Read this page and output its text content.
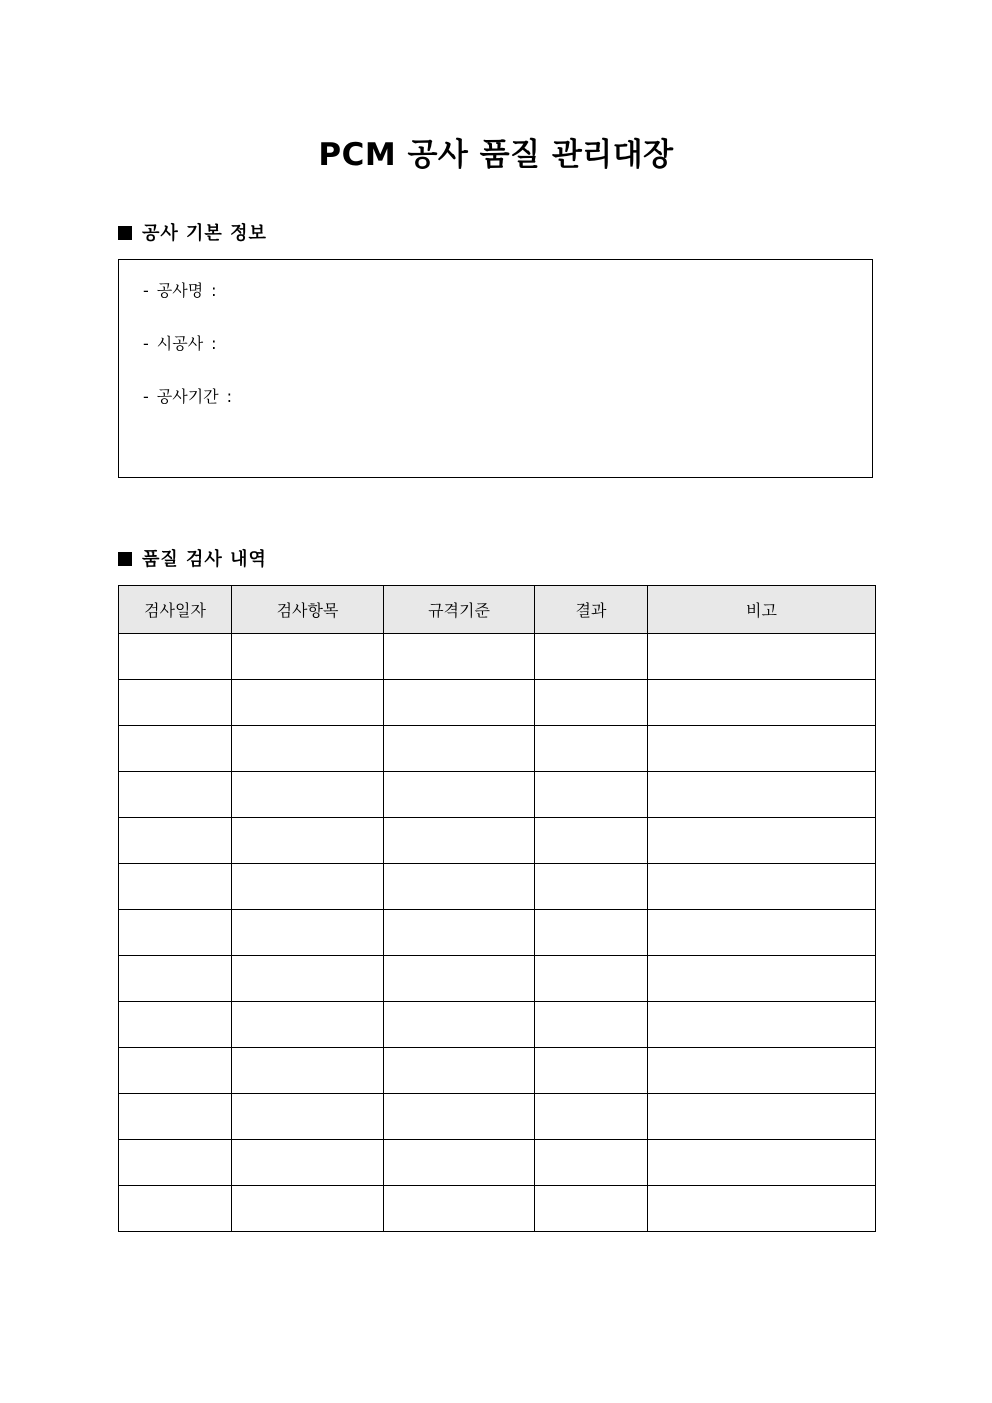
PCM 공사 품질 관리대장
공사 기본 정보
- 공사명 :
- 시공사 :
- 공사기간 :
품질 검사 내역
검사일자	검사항목	규격기준	결과	비고
